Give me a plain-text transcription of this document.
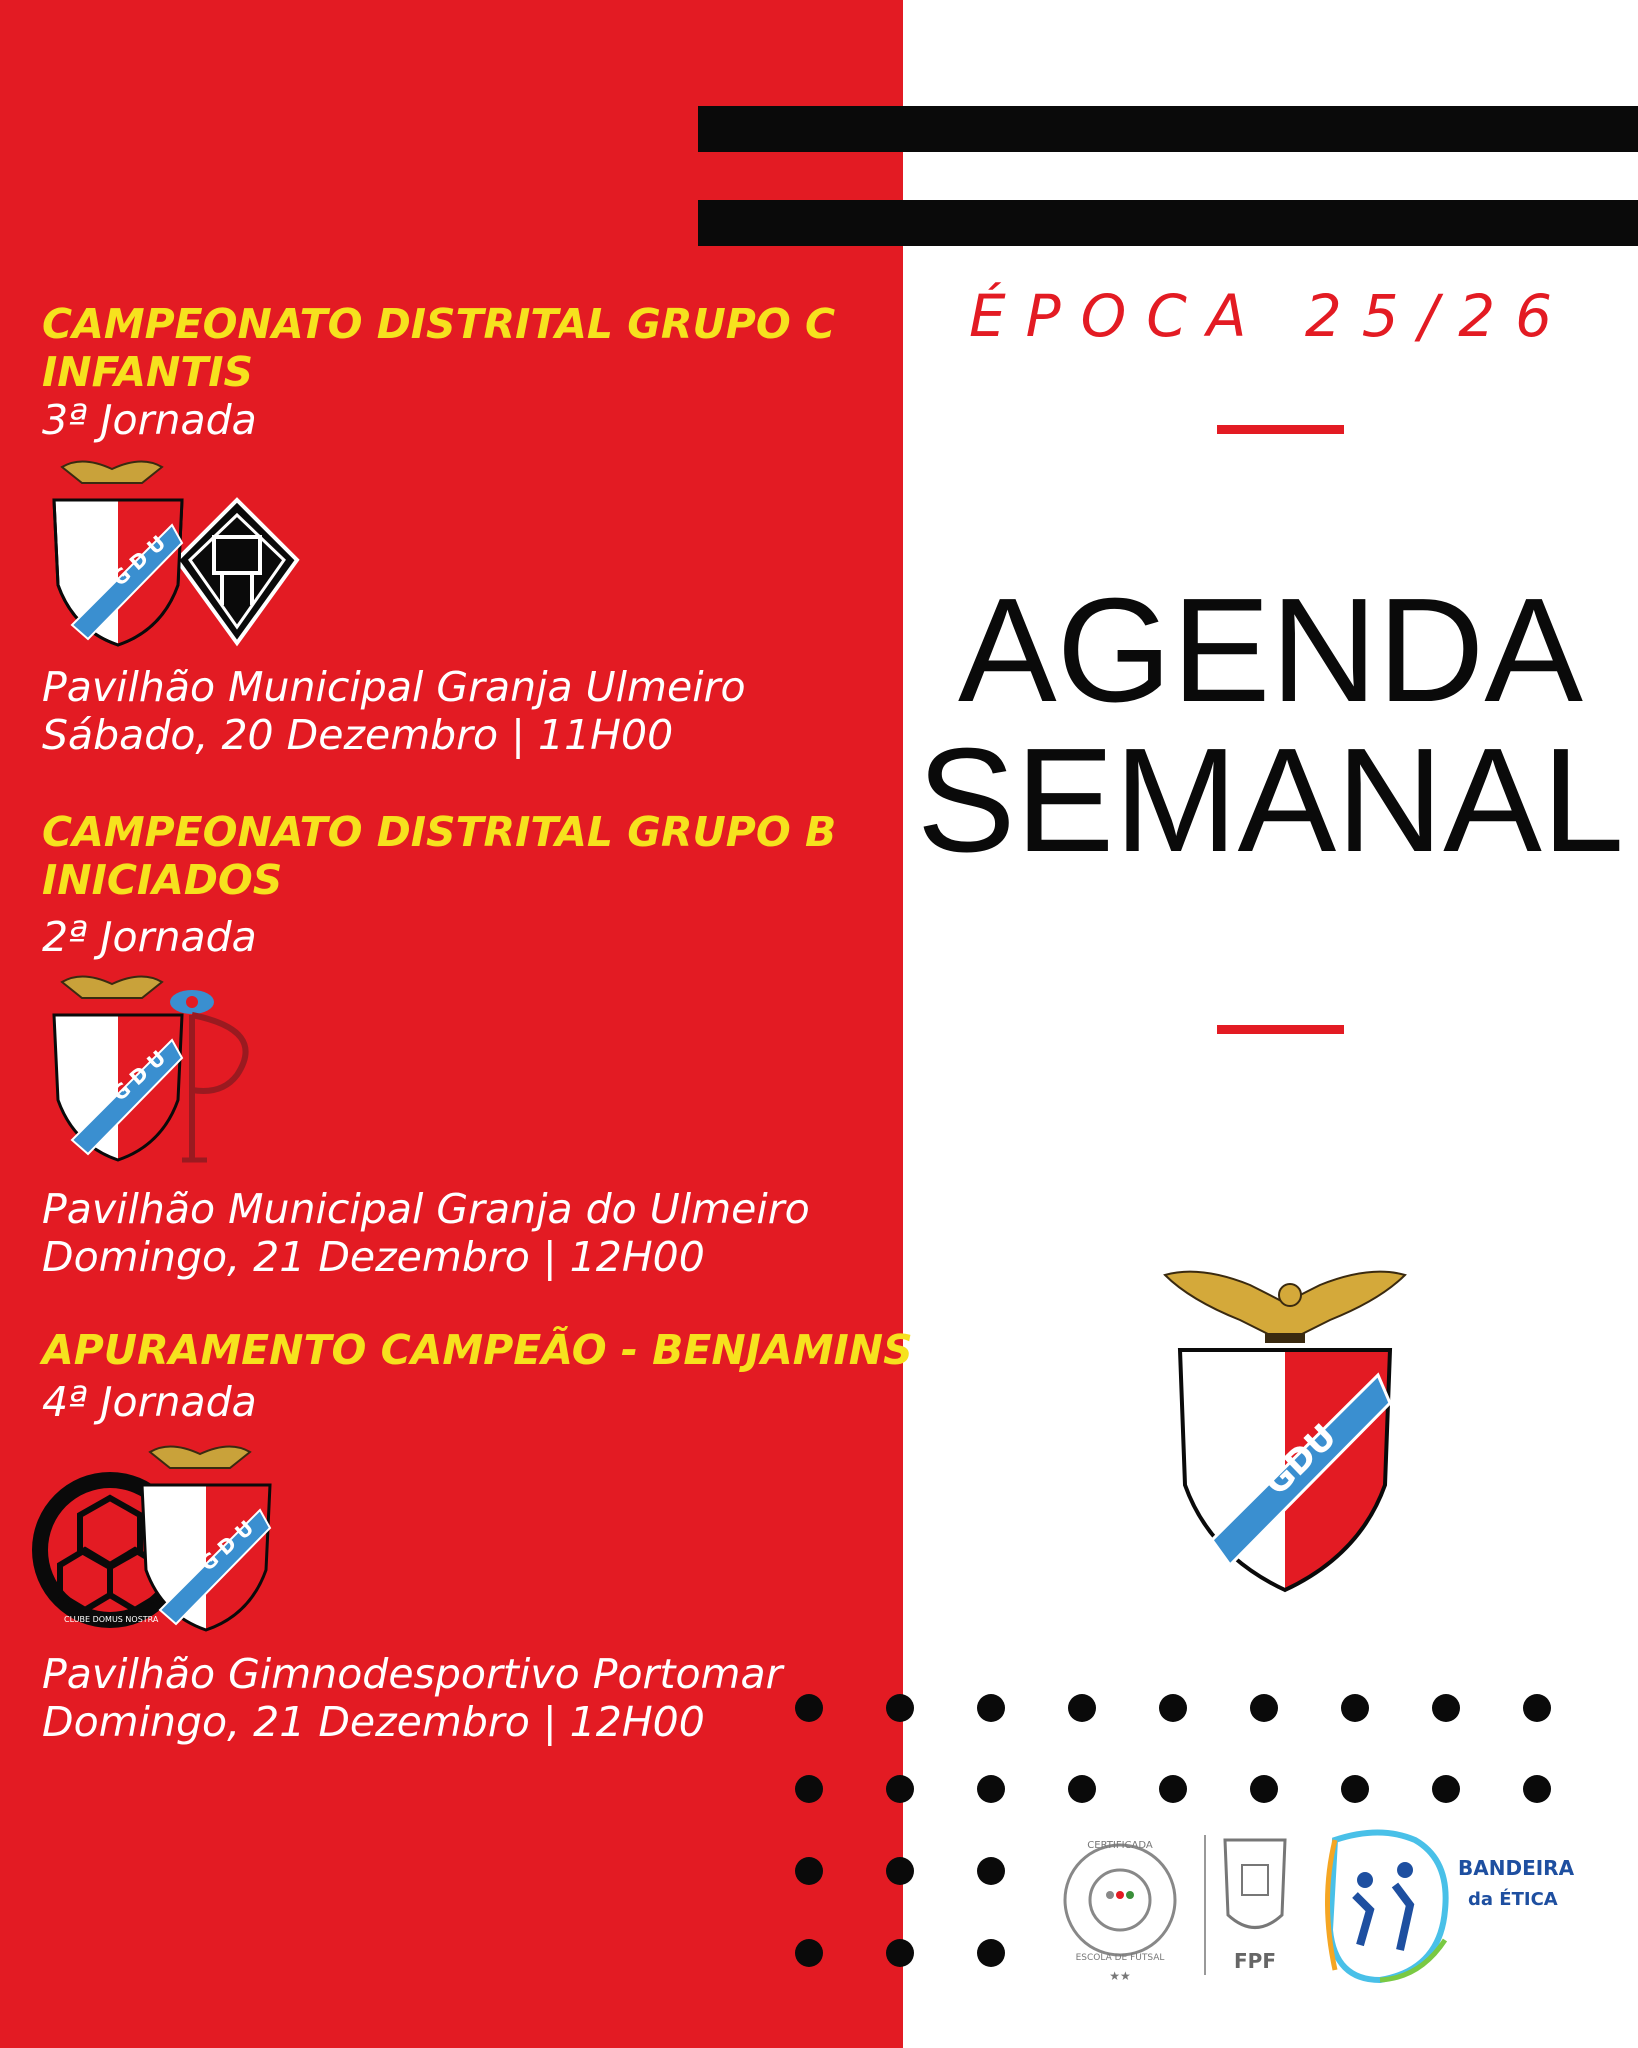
ÉPOCA 25/26
AGENDA
SEMANAL
CAMPEONATO DISTRITAL GRUPO C
INFANTIS
3ª Jornada
G D U
Pavilhão Municipal Granja Ulmeiro
Sábado, 20 Dezembro | 11H00
CAMPEONATO DISTRITAL GRUPO B
INICIADOS
2ª Jornada
G D U
Pavilhão Municipal Granja do Ulmeiro
Domingo, 21 Dezembro | 12H00
APURAMENTO CAMPEÃO - BENJAMINS
4ª Jornada
CLUBE DOMUS NOSTRA
G D U
Pavilhão Gimnodesportivo Portomar
Domingo, 21 Dezembro | 12H00
GDU
CERTIFICADA
ESCOLA DE FUTSAL
★★
FPF
BANDEIRA
da ÉTICA
